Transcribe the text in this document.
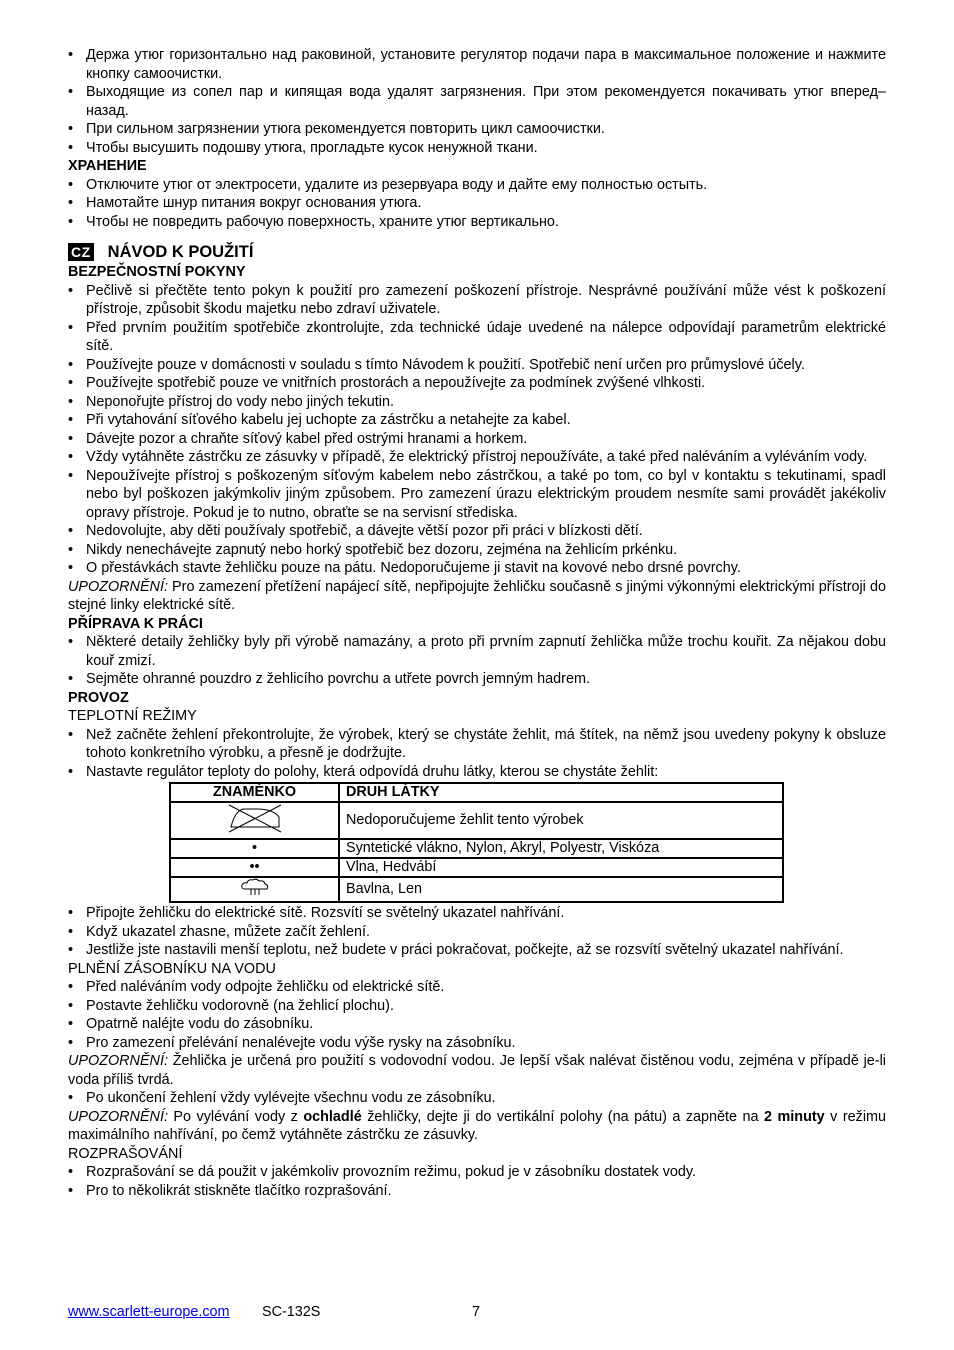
• Держа утюг горизонтально над раковиной, установите регулятор подачи пара в максимальное положение и нажмите кнопку самоочистки.
• Выходящие из сопел пар и кипящая вода удалят загрязнения. При этом рекомендуется покачивать утюг вперед–назад.
• При сильном загрязнении утюга рекомендуется повторить цикл самоочистки.
• Чтобы высушить подошву утюга, прогладьте кусок ненужной ткани.
ХРАНЕНИЕ
• Отключите утюг от электросети, удалите из резервуара воду и дайте ему полностью остыть.
• Намотайте шнур питания вокруг основания утюга.
• Чтобы не повредить рабочую поверхность, храните утюг вертикально.
CZ NÁVOD K POUŽITÍ
BEZPEČNOSTNÍ POKYNY
• Pečlivě si přečtěte tento pokyn k použití pro zamezení poškození přístroje. Nesprávné používání může vést k poškození přístroje, způsobit škodu majetku nebo zdraví uživatele.
• Před prvním použitím spotřebiče zkontrolujte, zda technické údaje uvedené na nálepce odpovídají parametrům elektrické sítě.
• Používejte pouze v domácnosti v souladu s tímto Návodem k použití. Spotřebič není určen pro průmyslové účely.
• Používejte spotřebič pouze ve vnitřních prostorách a nepoužívejte za podmínek zvýšené vlhkosti.
• Neponořujte přístroj do vody nebo jiných tekutin.
• Při vytahování síťového kabelu jej uchopte za zástrčku a netahejte za kabel.
• Dávejte pozor a chraňte síťový kabel před ostrými hranami a horkem.
• Vždy vytáhněte zástrčku ze zásuvky v případě, že elektrický přístroj nepoužíváte, a také před naléváním a vyléváním vody.
• Nepoužívejte přístroj s poškozeným síťovým kabelem nebo zástrčkou, a také po tom, co byl v kontaktu s tekutinami, spadl nebo byl poškozen jakýmkoliv jiným způsobem. Pro zamezení úrazu elektrickým proudem nesmíte sami provádět jakékoliv opravy přístroje. Pokud je to nutno, obraťte se na servisní střediska.
• Nedovolujte, aby děti používaly spotřebič, a dávejte větší pozor při práci v blízkosti dětí.
• Nikdy nenechávejte zapnutý nebo horký spotřebič bez dozoru, zejména na žehlicím prkénku.
• O přestávkách stavte žehličku pouze na pátu. Nedoporučujeme ji stavit na kovové nebo drsné povrchy.
UPOZORNĚNÍ: Pro zamezení přetížení napájecí sítě, nepřipojujte žehličku současně s jinými výkonnými elektrickými přístroji do stejné linky elektrické sítě.
PŘÍPRAVA K PRÁCI
• Některé detaily žehličky byly při výrobě namazány, a proto při prvním zapnutí žehlička může trochu kouřit. Za nějakou dobu kouř zmizí.
• Sejměte ohranné pouzdro z žehlicího povrchu a utřete povrch jemným hadrem.
PROVOZ
TEPLOTNÍ REŽIMY
• Než začněte žehlení překontrolujte, že výrobek, který se chystáte žehlit, má štítek, na němž jsou uvedeny pokyny k obsluze tohoto konkretního výrobku, a přesně je dodržujte.
• Nastavte regulátor teploty do polohy, která odpovídá druhu látky, kterou se chystáte žehlit:
ZNAMÉNKO	DRUH LÁTKY
	Nedoporučujeme žehlit tento výrobek
•	Syntetické vlákno, Nylon, Akryl, Polyestr, Viskóza
••	Vlna, Hedvábí
	Bavlna, Len
• Připojte žehličku do elektrické sítě. Rozsvítí se světelný ukazatel nahřívání.
• Když ukazatel zhasne, můžete začít žehlení.
• Jestliže jste nastavili menší teplotu, než budete v práci pokračovat, počkejte, až se rozsvítí světelný ukazatel nahřívání.
PLNĚNÍ ZÁSOBNÍKU NA VODU
• Před naléváním vody odpojte žehličku od elektrické sítě.
• Postavte žehličku vodorovně (na žehlicí plochu).
• Opatrně naléjte vodu do zásobníku.
• Pro zamezení přelévání nenalévejte vodu výše rysky na zásobníku.
UPOZORNĚNÍ: Žehlička je určená pro použití s vodovodní vodou. Je lepší však nalévat čistěnou vodu, zejména v případě je-li voda příliš tvrdá.
• Po ukončení žehlení vždy vylévejte všechnu vodu ze zásobníku.
UPOZORNĚNÍ: Po vylévání vody z ochladlé žehličky, dejte ji do vertikální polohy (na pátu) a zapněte na 2 minuty v režimu maximálního nahřívání, po čemž vytáhněte zástrčku ze zásuvky.
ROZPRAŠOVÁNÍ
• Rozprašování se dá použit v jakémkoliv provozním režimu, pokud je v zásobníku dostatek vody.
• Pro to několikrát stiskněte tlačítko rozprašování.
www.scarlett-europe.com SC-132S	7
